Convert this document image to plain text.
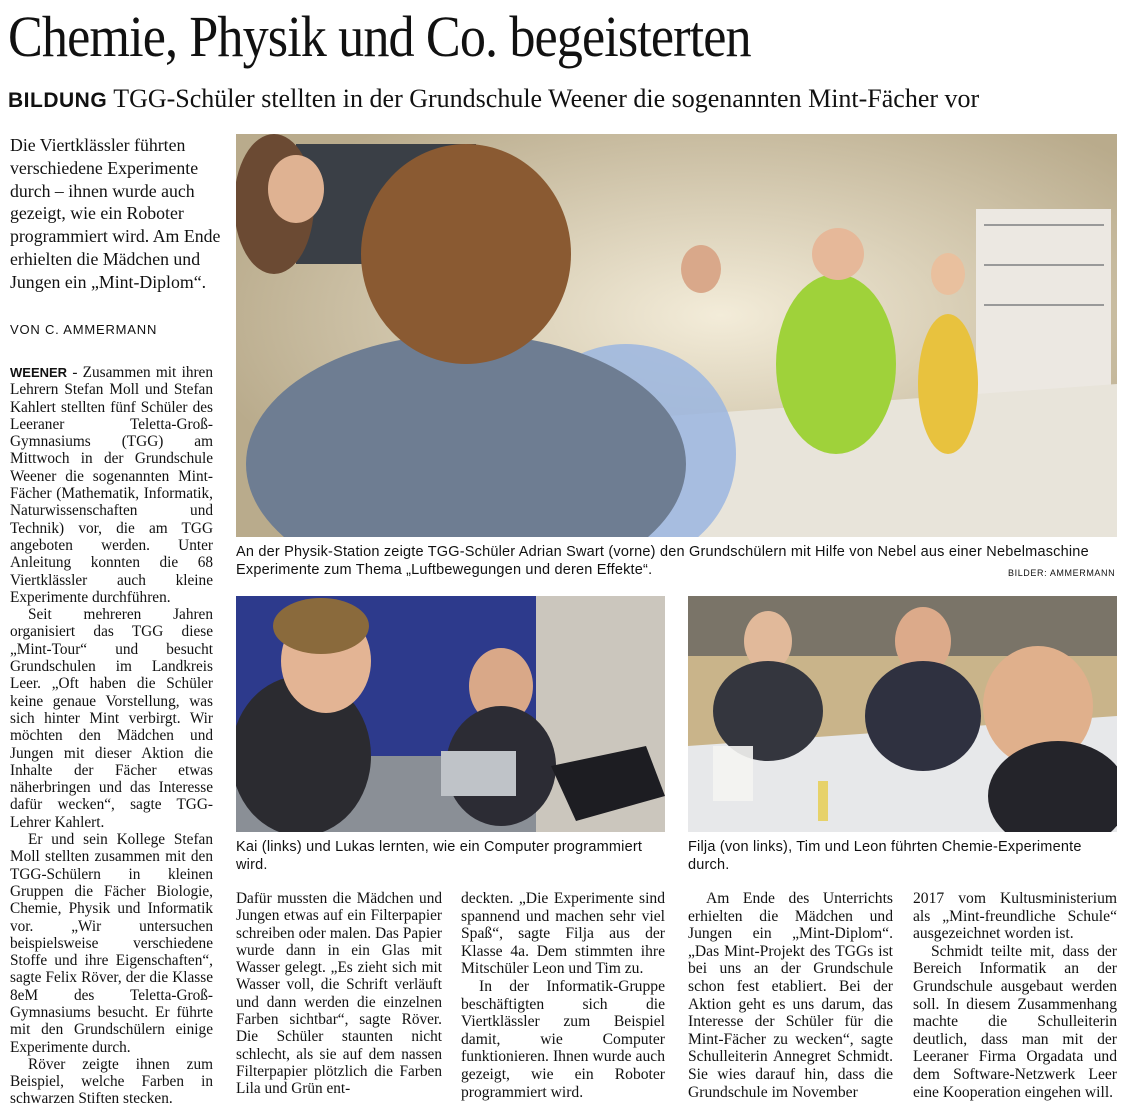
Chemie, Physik und Co. begeisterten
BILDUNG TGG-Schüler stellten in der Grundschule Weener die sogenannten Mint-Fächer vor
Die Viertklässler führten verschiedene Experimente durch – ihnen wurde auch gezeigt, wie ein Roboter programmiert wird. Am Ende erhielten die Mädchen und Jungen ein „Mint-Diplom“.
VON C. AMMERMANN
An der Physik-Station zeigte TGG-Schüler Adrian Swart (vorne) den Grundschülern mit Hilfe von Nebel aus einer Nebelmaschine Experimente zum Thema „Luftbewegungen und deren Effekte“.	BILDER: AMMERMANN
Kai (links) und Lukas lernten, wie ein Computer programmiert wird.
Filja (von links), Tim und Leon führten Chemie-Experimente durch.

WEENER - Zusammen mit ihren Lehrern Stefan Moll und Stefan Kahlert stellten fünf Schüler des Leeraner Teletta-Groß-Gymnasiums (TGG) am Mittwoch in der Grundschule Weener die sogenannten Mint-Fächer (Mathematik, Informatik, Naturwissenschaften und Technik) vor, die am TGG angeboten werden. Unter Anleitung konnten die 68 Viertklässler auch kleine Experimente durchführen.

Seit mehreren Jahren organisiert das TGG diese „Mint-Tour“ und besucht Grundschulen im Landkreis Leer. „Oft haben die Schüler keine genaue Vorstellung, was sich hinter Mint verbirgt. Wir möchten den Mädchen und Jungen mit dieser Aktion die Inhalte der Fächer etwas näherbringen und das Interesse dafür wecken“, sagte TGG-Lehrer Kahlert.

Er und sein Kollege Stefan Moll stellten zusammen mit den TGG-Schülern in kleinen Gruppen die Fächer Biologie, Chemie, Physik und Informatik vor. „Wir untersuchen beispielsweise verschiedene Stoffe und ihre Eigenschaften“, sagte Felix Röver, der die Klasse 8eM des Teletta-Groß-Gymnasiums besucht. Er führte mit den Grundschülern einige Experimente durch.

Röver zeigte ihnen zum Beispiel, welche Farben in schwarzen Stiften stecken.

Dafür mussten die Mädchen und Jungen etwas auf ein Filterpapier schreiben oder malen. Das Papier wurde dann in ein Glas mit Wasser gelegt. „Es zieht sich mit Wasser voll, die Schrift verläuft und dann werden die einzelnen Farben sichtbar“, sagte Röver. Die Schüler staunten nicht schlecht, als sie auf dem nassen Filterpapier plötzlich die Farben Lila und Grün ent-

deckten. „Die Experimente sind spannend und machen sehr viel Spaß“, sagte Filja aus der Klasse 4a. Dem stimmten ihre Mitschüler Leon und Tim zu.

In der Informatik-Gruppe beschäftigten sich die Viertklässler zum Beispiel damit, wie Computer funktionieren. Ihnen wurde auch gezeigt, wie ein Roboter programmiert wird.

Am Ende des Unterrichts erhielten die Mädchen und Jungen ein „Mint-Diplom“. „Das Mint-Projekt des TGGs ist bei uns an der Grundschule schon fest etabliert. Bei der Aktion geht es uns darum, das Interesse der Schüler für die Mint-Fächer zu wecken“, sagte Schulleiterin Annegret Schmidt. Sie wies darauf hin, dass die Grundschule im November

2017 vom Kultusministerium als „Mint-freundliche Schule“ ausgezeichnet worden ist.

Schmidt teilte mit, dass der Bereich Informatik an der Grundschule ausgebaut werden soll. In diesem Zusammenhang machte die Schulleiterin deutlich, dass man mit der Leeraner Firma Orgadata und dem Software-Netzwerk Leer eine Kooperation eingehen will.
